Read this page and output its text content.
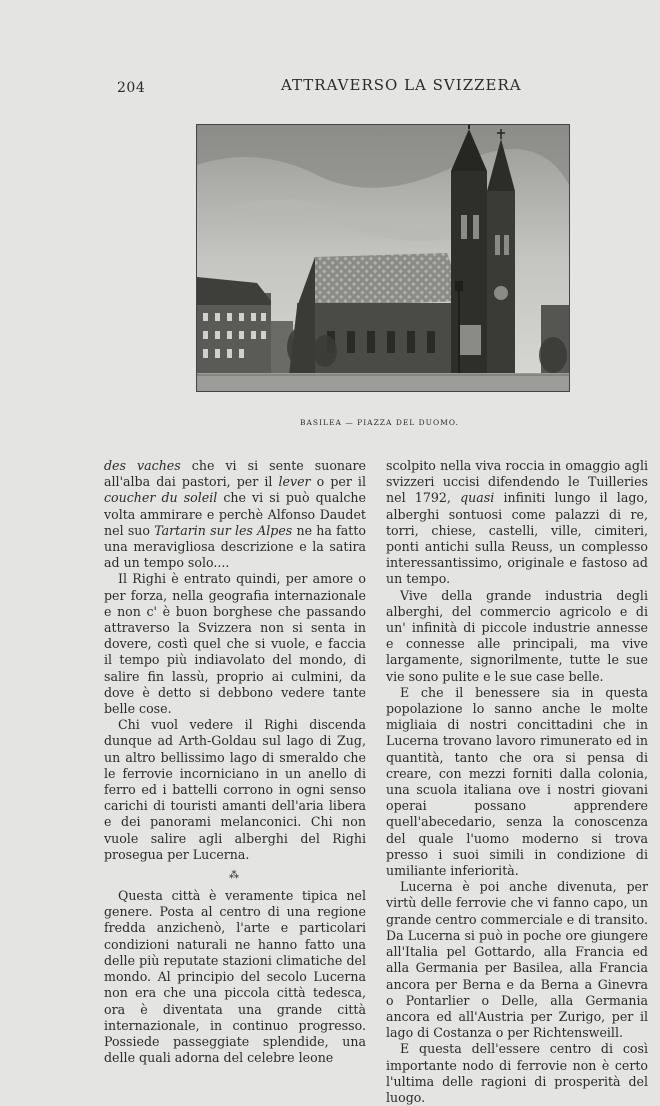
204	ATTRAVERSO LA SVIZZERA
BASILEA — PIAZZA DEL DUOMO.

des vaches che vi si sente suonare all'alba dai pastori, per il lever o per il coucher du soleil che vi si può qualche volta ammirare e perchè Alfonso Daudet nel suo Tartarin sur les Alpes ne ha fatto una meravigliosa descrizione e la satira ad un tempo solo....

Il Righi è entrato quindi, per amore o per forza, nella geografia internazionale e non c' è buon borghese che passando attraverso la Svizzera non si senta in dovere, costì quel che si vuole, e faccia il tempo più indiavolato del mondo, di salire fin lassù, proprio ai culmini, da dove è detto si debbono vedere tante belle cose.

Chi vuol vedere il Righi discenda dunque ad Arth-Goldau sul lago di Zug, un altro bellissimo lago di smeraldo che le ferrovie incorniciano in un anello di ferro ed i battelli corrono in ogni senso carichi di touristi amanti dell'aria libera e dei panorami melanconici. Chi non vuole salire agli alberghi del Righi prosegua per Lucerna.

⁂

Questa città è veramente tipica nel genere. Posta al centro di una regione fredda anzichenò, l'arte e particolari condizioni naturali ne hanno fatto una delle più reputate stazioni climatiche del mondo. Al principio del secolo Lucerna non era che una piccola città tedesca, ora è diventata una grande città internazionale, in continuo progresso. Possiede passeggiate splendide, una delle quali adorna del celebre leone

scolpito nella viva roccia in omaggio agli svizzeri uccisi difendendo le Tuilleries nel 1792, quasi infiniti lungo il lago, alberghi sontuosi come palazzi di re, torri, chiese, castelli, ville, cimiteri, ponti antichi sulla Reuss, un complesso interessantissimo, originale e fastoso ad un tempo.

Vive della grande industria degli alberghi, del commercio agricolo e di un' infinità di piccole industrie annesse e connesse alle principali, ma vive largamente, signorilmente, tutte le sue vie sono pulite e le sue case belle.

E che il benessere sia in questa popolazione lo sanno anche le molte migliaia di nostri concittadini che in Lucerna trovano lavoro rimunerato ed in quantità, tanto che ora si pensa di creare, con mezzi forniti dalla colonia, una scuola italiana ove i nostri giovani operai possano apprendere quell'abecedario, senza la conoscenza del quale l'uomo moderno si trova presso i suoi simili in condizione di umiliante inferiorità.

Lucerna è poi anche divenuta, per virtù delle ferrovie che vi fanno capo, un grande centro commerciale e di transito. Da Lucerna si può in poche ore giungere all'Italia pel Gottardo, alla Francia ed alla Germania per Basilea, alla Francia ancora per Berna e da Berna a Ginevra o Pontarlier o Delle, alla Germania ancora ed all'Austria per Zurigo, per il lago di Costanza o per Richtensweill.

E questa dell'essere centro di così importante nodo di ferrovie non è certo l'ultima delle ragioni di prosperità del luogo.
